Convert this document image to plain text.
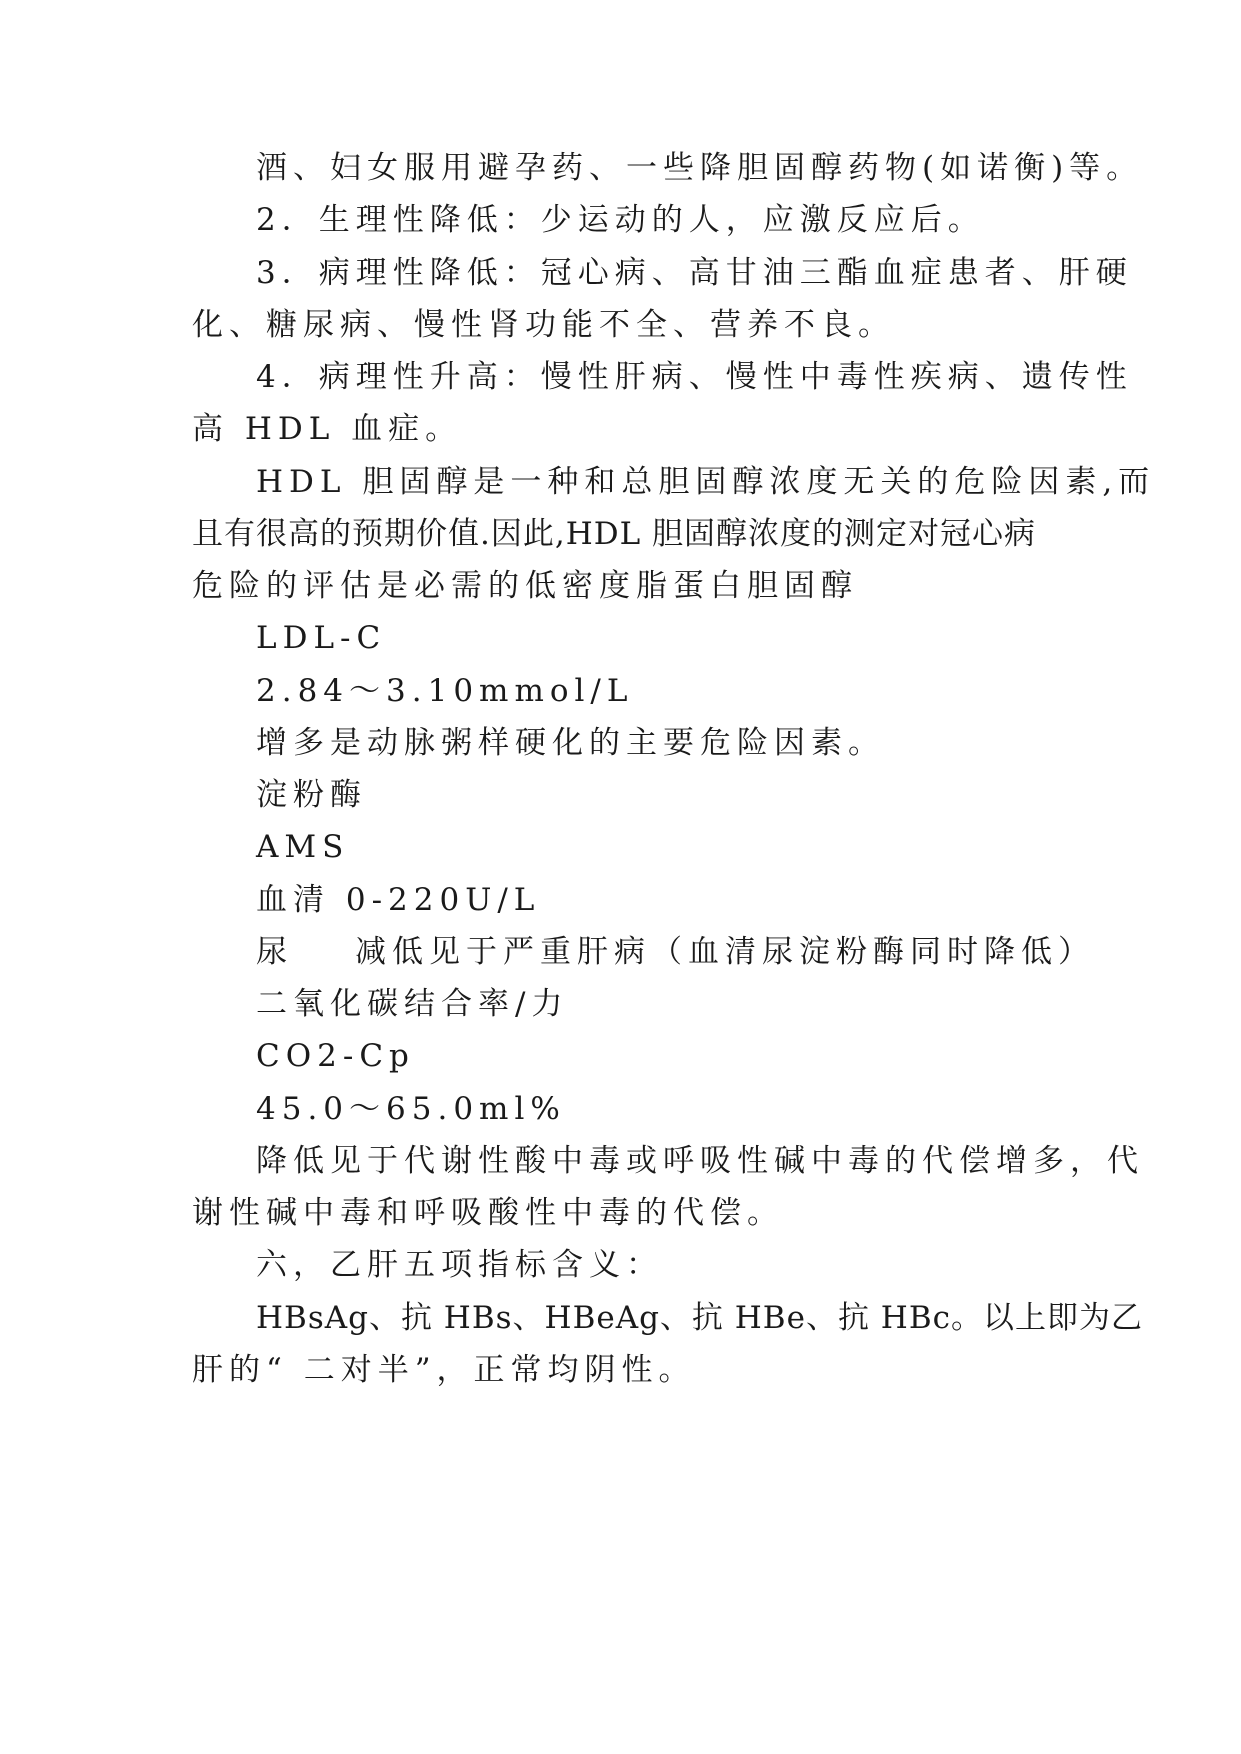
酒、妇女服用避孕药、一些降胆固醇药物(如诺衡)等。
2．生理性降低：少运动的人，应激反应后。
3．病理性降低：冠心病、高甘油三酯血症患者、肝硬
化、糖尿病、慢性肾功能不全、营养不良。
4．病理性升高：慢性肝病、慢性中毒性疾病、遗传性
高 HDL 血症。
HDL 胆固醇是一种和总胆固醇浓度无关的危险因素,而
且有很高的预期价值.因此,HDL 胆固醇浓度的测定对冠心病
危险的评估是必需的低密度脂蛋白胆固醇
LDL-C
2.84～3.10mmol/L
增多是动脉粥样硬化的主要危险因素。
淀粉酶
AMS
血清 0-220U/L
尿 减低见于严重肝病（血清尿淀粉酶同时降低）
二氧化碳结合率/力
CO2-Cp
45.0～65.0ml%
降低见于代谢性酸中毒或呼吸性碱中毒的代偿增多，代
谢性碱中毒和呼吸酸性中毒的代偿。
六，乙肝五项指标含义：
HBsAg、抗 HBs、HBeAg、抗 HBe、抗 HBc。以上即为乙
肝的“ 二对半”，正常均阴性。
